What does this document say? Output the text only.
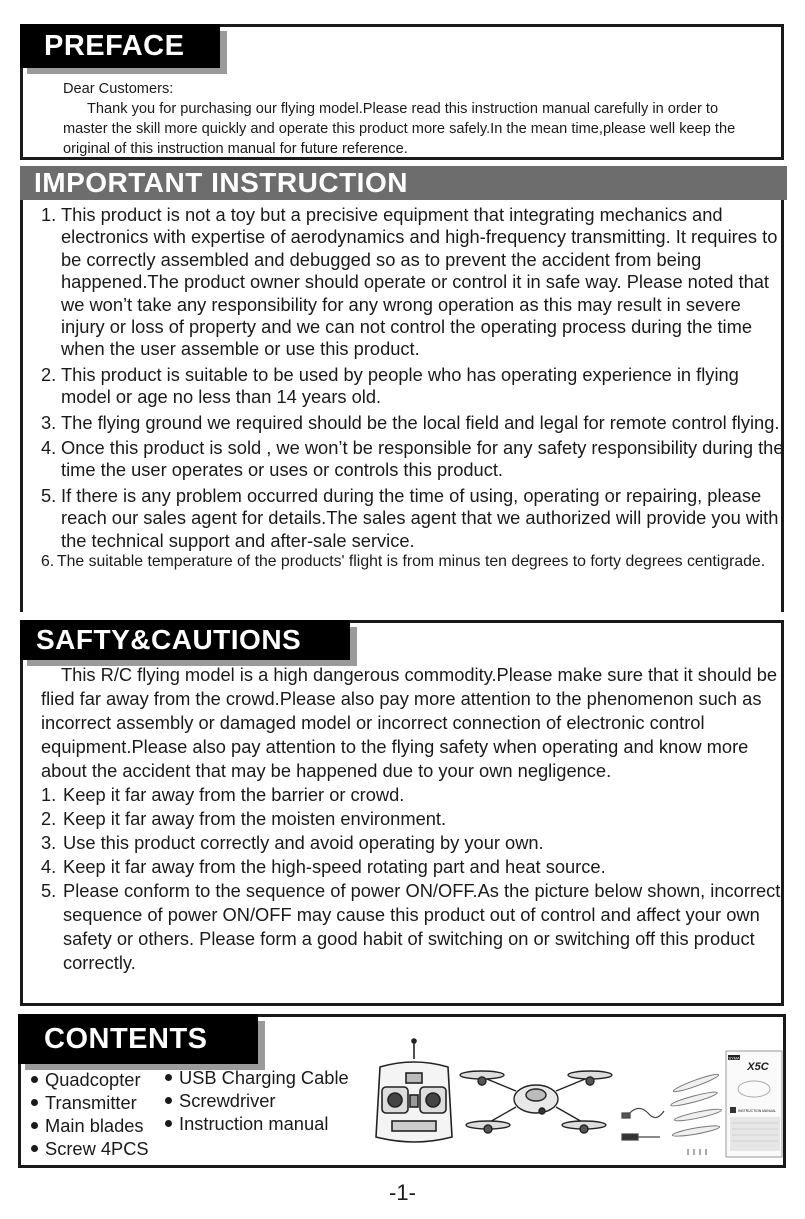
PREFACE

Dear Customers:

Thank you for purchasing our flying model.Please read this instruction manual carefully in order to master the skill more quickly and operate this product more safely.In the mean time,please well keep the original of this instruction manual for future reference.

IMPORTANT INSTRUCTION
1. This product is not a toy but a precisive equipment that integrating mechanics and electronics with expertise of aerodynamics and high-frequency transmitting. It requires to be correctly assembled and debugged so as to prevent the accident from being happened.The product owner should operate or control it in safe way. Please noted that we won’t take any responsibility for any wrong operation as this may result in severe injury or loss of property and we can not control the operating process during the time when the user assemble or use this product.
2. This product is suitable to be used by people who has operating experience in flying model or age no less than 14 years old.
3. The flying ground we required should be the local field and legal for remote control flying.
4. Once this product is sold , we won’t be responsible for any safety responsibility during the time the user operates or uses or controls this product.
5. If there is any problem occurred during the time of using, operating or repairing, please reach our sales agent for details.The sales agent that we authorized will provide you with the technical support and after-sale service.
6. The suitable temperature of the products' flight is from minus ten degrees to forty degrees centigrade.
SAFTY&CAUTIONS

This R/C flying model is a high dangerous commodity.Please make sure that it should be flied far away from the crowd.Please also pay more attention to the phenomenon such as incorrect assembly or damaged model or incorrect connection of electronic control equipment.Please also pay attention to the flying safety when operating and know more about the accident that may be happened due to your own negligence.

1. Keep it far away from the barrier or crowd.
2. Keep it far away from the moisten environment.
3. Use this product correctly and avoid operating by your own.
4. Keep it far away from the high-speed rotating part and heat source.
5. Please conform to the sequence of power ON/OFF.As the picture below shown, incorrect sequence of power ON/OFF may cause this product out of control and affect your own safety or others. Please form a good habit of switching on or switching off this product correctly.
CONTENTS
Quadcopter
Transmitter
Main blades
Screw 4PCS
USB Charging Cable
Screwdriver
Instruction manual
SYMA
X5C
INSTRUCTION MANUAL
-1-
